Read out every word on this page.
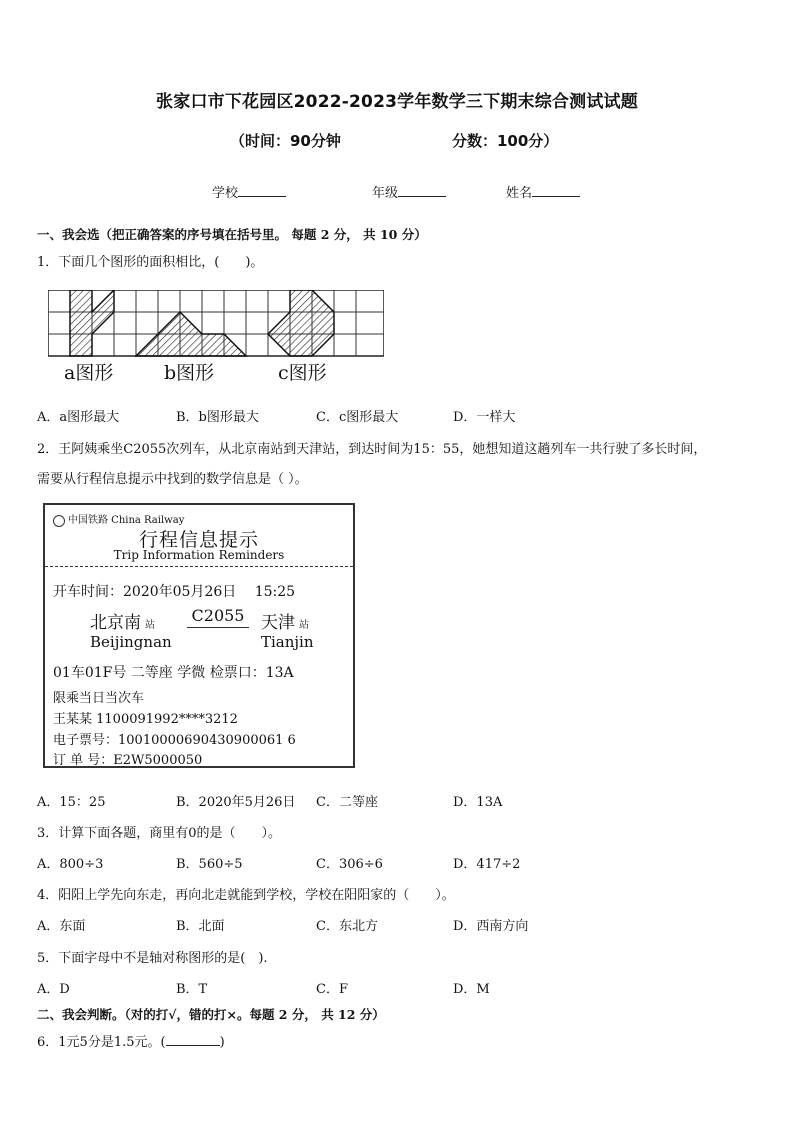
张家口市下花园区2022-2023学年数学三下期末综合测试试题
（时间：90分钟	分数：100分）
学校	年级	姓名
一、我会选（把正确答案的序号填在括号里。 每题 2 分， 共 10 分）
1．下面几个图形的面积相比，(　　)。
a图形	b图形	c图形
A．a图形最大	B．b图形最大	C．c图形最大	D．一样大
2．王阿姨乘坐C2055次列车，从北京南站到天津站，到达时间为15：55，她想知道这趟列车一共行驶了多长时间，
需要从行程信息提示中找到的数学信息是（ ）。
中国铁路 China Railway
行程信息提示
Trip Information Reminders
开车时间：2020年05月26日　 15:25
北京南 站
C2055 天津 站
Beijingnan	Tianjin
01车01F号 二等座 学微 检票口：13A
限乘当日当次车
王某某 1100091992****3212
电子票号：10010000690430900061 6
订 单 号：E2W5000050
A．15：25	B．2020年5月26日 C．二等座	D．13A
3．计算下面各题，商里有0的是（　　）。
A．800÷3	B．560÷5	C．306÷6	D．417÷2
4．阳阳上学先向东走，再向北走就能到学校，学校在阳阳家的（　　）。
A．东面	B．北面	C．东北方	D．西南方向
5．下面字母中不是轴对称图形的是(　).
A．D	B．T	C．F	D．M
二、我会判断。（对的打√，错的打×。每题 2 分， 共 12 分）
6．1元5分是1.5元。(	)
